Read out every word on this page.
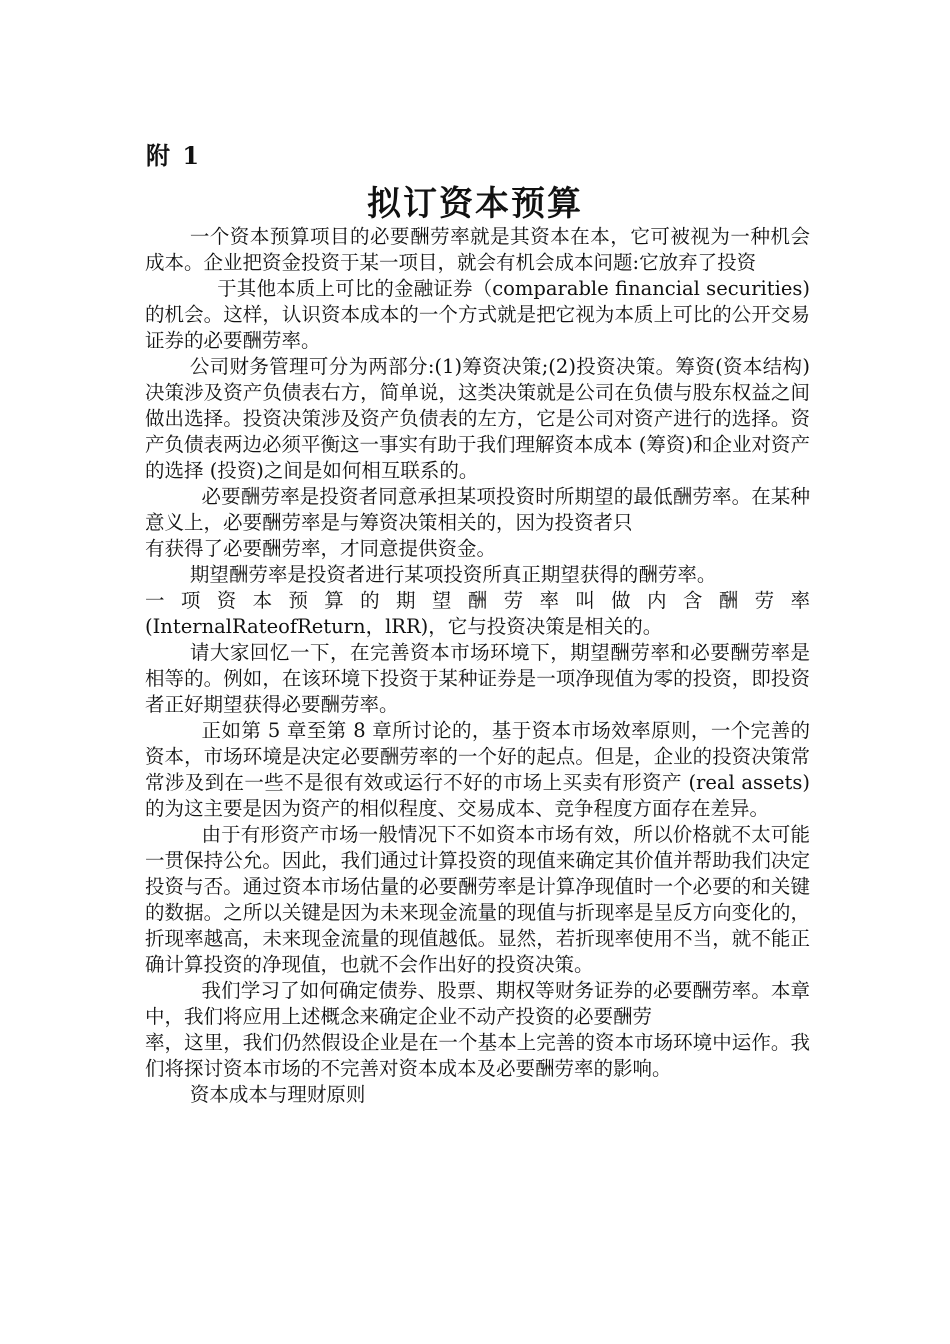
附 1
拟订资本预算

一个资本预算项目的必要酬劳率就是其资本在本，它可被视为一种机会成本。企业把资金投资于某一项目，就会有机会成本问题:它放弃了投资

于其他本质上可比的金融证券（comparable financial securities)的机会。这样，认识资本成本的一个方式就是把它视为本质上可比的公开交易证券的必要酬劳率。

公司财务管理可分为两部分:(1)筹资决策;(2)投资决策。筹资(资本结构)决策涉及资产负债表右方，简单说，这类决策就是公司在负债与股东权益之间做出选择。投资决策涉及资产负债表的左方，它是公司对资产进行的选择。资产负债表两边必须平衡这一事实有助于我们理解资本成本 (筹资)和企业对资产的选择 (投资)之间是如何相互联系的。

必要酬劳率是投资者同意承担某项投资时所期望的最低酬劳率。在某种意义上，必要酬劳率是与筹资决策相关的，因为投资者只

有获得了必要酬劳率，才同意提供资金。

期望酬劳率是投资者进行某项投资所真正期望获得的酬劳率。

一项资本预算的期望酬劳率叫做内含酬劳率

(InternalRateofReturn，lRR)，它与投资决策是相关的。

请大家回忆一下，在完善资本市场环境下，期望酬劳率和必要酬劳率是相等的。例如，在该环境下投资于某种证券是一项净现值为零的投资，即投资者正好期望获得必要酬劳率。

正如第 5 章至第 8 章所讨论的，基于资本市场效率原则，一个完善的资本，市场环境是决定必要酬劳率的一个好的起点。但是，企业的投资决策常常涉及到在一些不是很有效或运行不好的市场上买卖有形资产 (real assets)的为这主要是因为资产的相似程度、交易成本、竞争程度方面存在差异。

由于有形资产市场一般情况下不如资本市场有效，所以价格就不太可能一贯保持公允。因此，我们通过计算投资的现值来确定其价值并帮助我们决定投资与否。通过资本市场估量的必要酬劳率是计算净现值时一个必要的和关键的数据。之所以关键是因为未来现金流量的现值与折现率是呈反方向变化的，折现率越高，未来现金流量的现值越低。显然，若折现率使用不当，就不能正确计算投资的净现值，也就不会作出好的投资决策。

我们学习了如何确定债券、股票、期权等财务证券的必要酬劳率。本章中，我们将应用上述概念来确定企业不动产投资的必要酬劳

率，这里，我们仍然假设企业是在一个基本上完善的资本市场环境中运作。我们将探讨资本市场的不完善对资本成本及必要酬劳率的影响。

资本成本与理财原则
